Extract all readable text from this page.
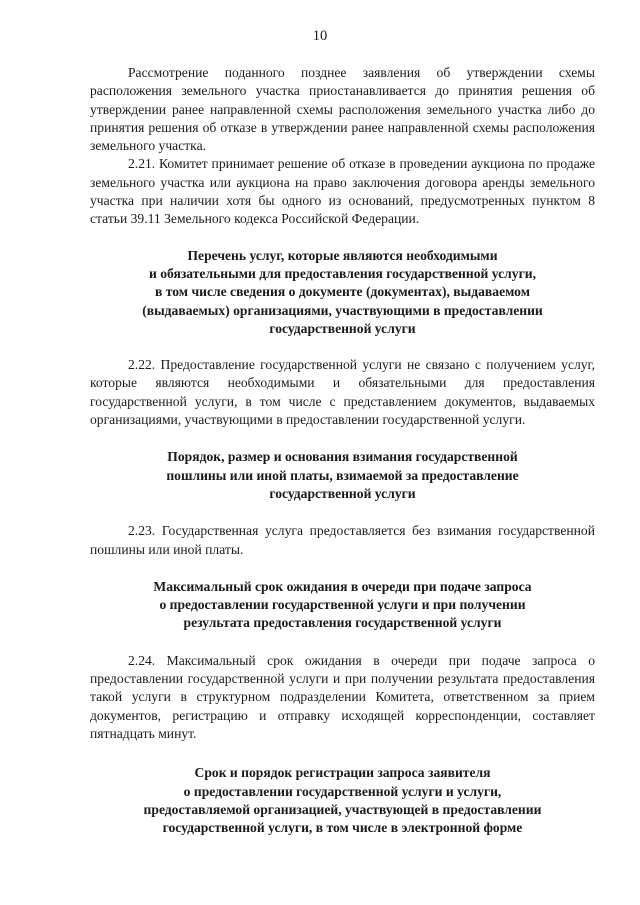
10

Рассмотрение поданного позднее заявления об утверждении схемы расположения земельного участка приостанавливается до принятия решения об утверждении ранее направленной схемы расположения земельного участка либо до принятия решения об отказе в утверждении ранее направленной схемы расположения земельного участка.

2.21. Комитет принимает решение об отказе в проведении аукциона по продаже земельного участка или аукциона на право заключения договора аренды земельного участка при наличии хотя бы одного из оснований, предусмотренных пунктом 8 статьи 39.11 Земельного кодекса Российской Федерации.

Перечень услуг, которые являются необходимыми
и обязательными для предоставления государственной услуги,
в том числе сведения о документе (документах), выдаваемом
(выдаваемых) организациями, участвующими в предоставлении
государственной услуги

2.22. Предоставление государственной услуги не связано с получением услуг, которые являются необходимыми и обязательными для предоставления государственной услуги, в том числе с представлением документов, выдаваемых организациями, участвующими в предоставлении государственной услуги.

Порядок, размер и основания взимания государственной
пошлины или иной платы, взимаемой за предоставление
государственной услуги

2.23. Государственная услуга предоставляется без взимания государственной пошлины или иной платы.

Максимальный срок ожидания в очереди при подаче запроса
о предоставлении государственной услуги и при получении
результата предоставления государственной услуги

2.24. Максимальный срок ожидания в очереди при подаче запроса о предоставлении государственной услуги и при получении результата предоставления такой услуги в структурном подразделении Комитета, ответственном за прием документов, регистрацию и отправку исходящей корреспонденции, составляет пятнадцать минут.

Срок и порядок регистрации запроса заявителя
о предоставлении государственной услуги и услуги,
предоставляемой организацией, участвующей в предоставлении
государственной услуги, в том числе в электронной форме
